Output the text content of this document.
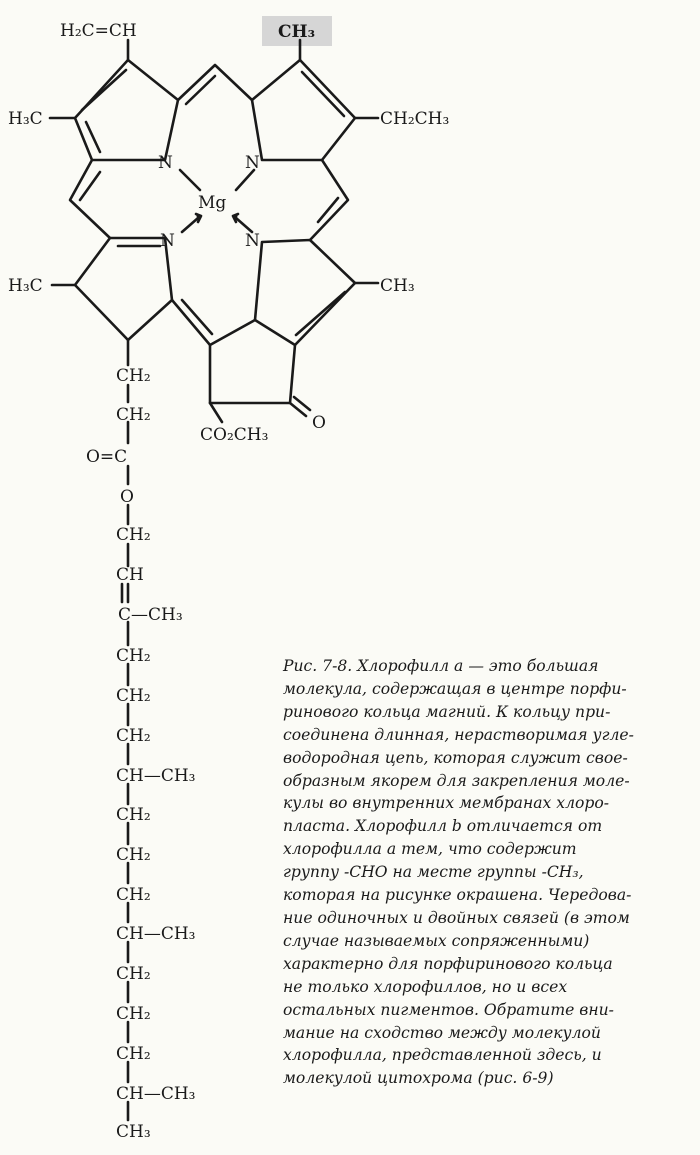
H₂C=CH	CH₃
H₃C	CH₂CH₃
N	N
Mg
N	N
H₃C	CH₃
CO₂CH₃
O
CH₂
CH₂
O=C
O
CH₂
CH
C—CH₃
CH₂
CH₂
CH₂
CH—CH₃
CH₂
CH₂
CH₂
CH—CH₃
CH₂
CH₂
CH₂
CH—CH₃
CH₃
Рис. 7-8. Хлорофилл а — это большая
молекула, содержащая в центре порфи-
ринового кольца магний. К кольцу при-
соединена длинная, нерастворимая угле-
водородная цепь, которая служит свое-
образным якорем для закрепления моле-
кулы во внутренних мембранах хлоро-
пласта. Хлорофилл b отличается от
хлорофилла а тем, что содержит
группу -СНО на месте группы -СН₃,
которая на рисунке окрашена. Чередова-
ние одиночных и двойных связей (в этом
случае называемых сопряженными)
характерно для порфиринового кольца
не только хлорофиллов, но и всех
остальных пигментов. Обратите вни-
мание на сходство между молекулой
хлорофилла, представленной здесь, и
молекулой цитохрома (рис. 6-9)
